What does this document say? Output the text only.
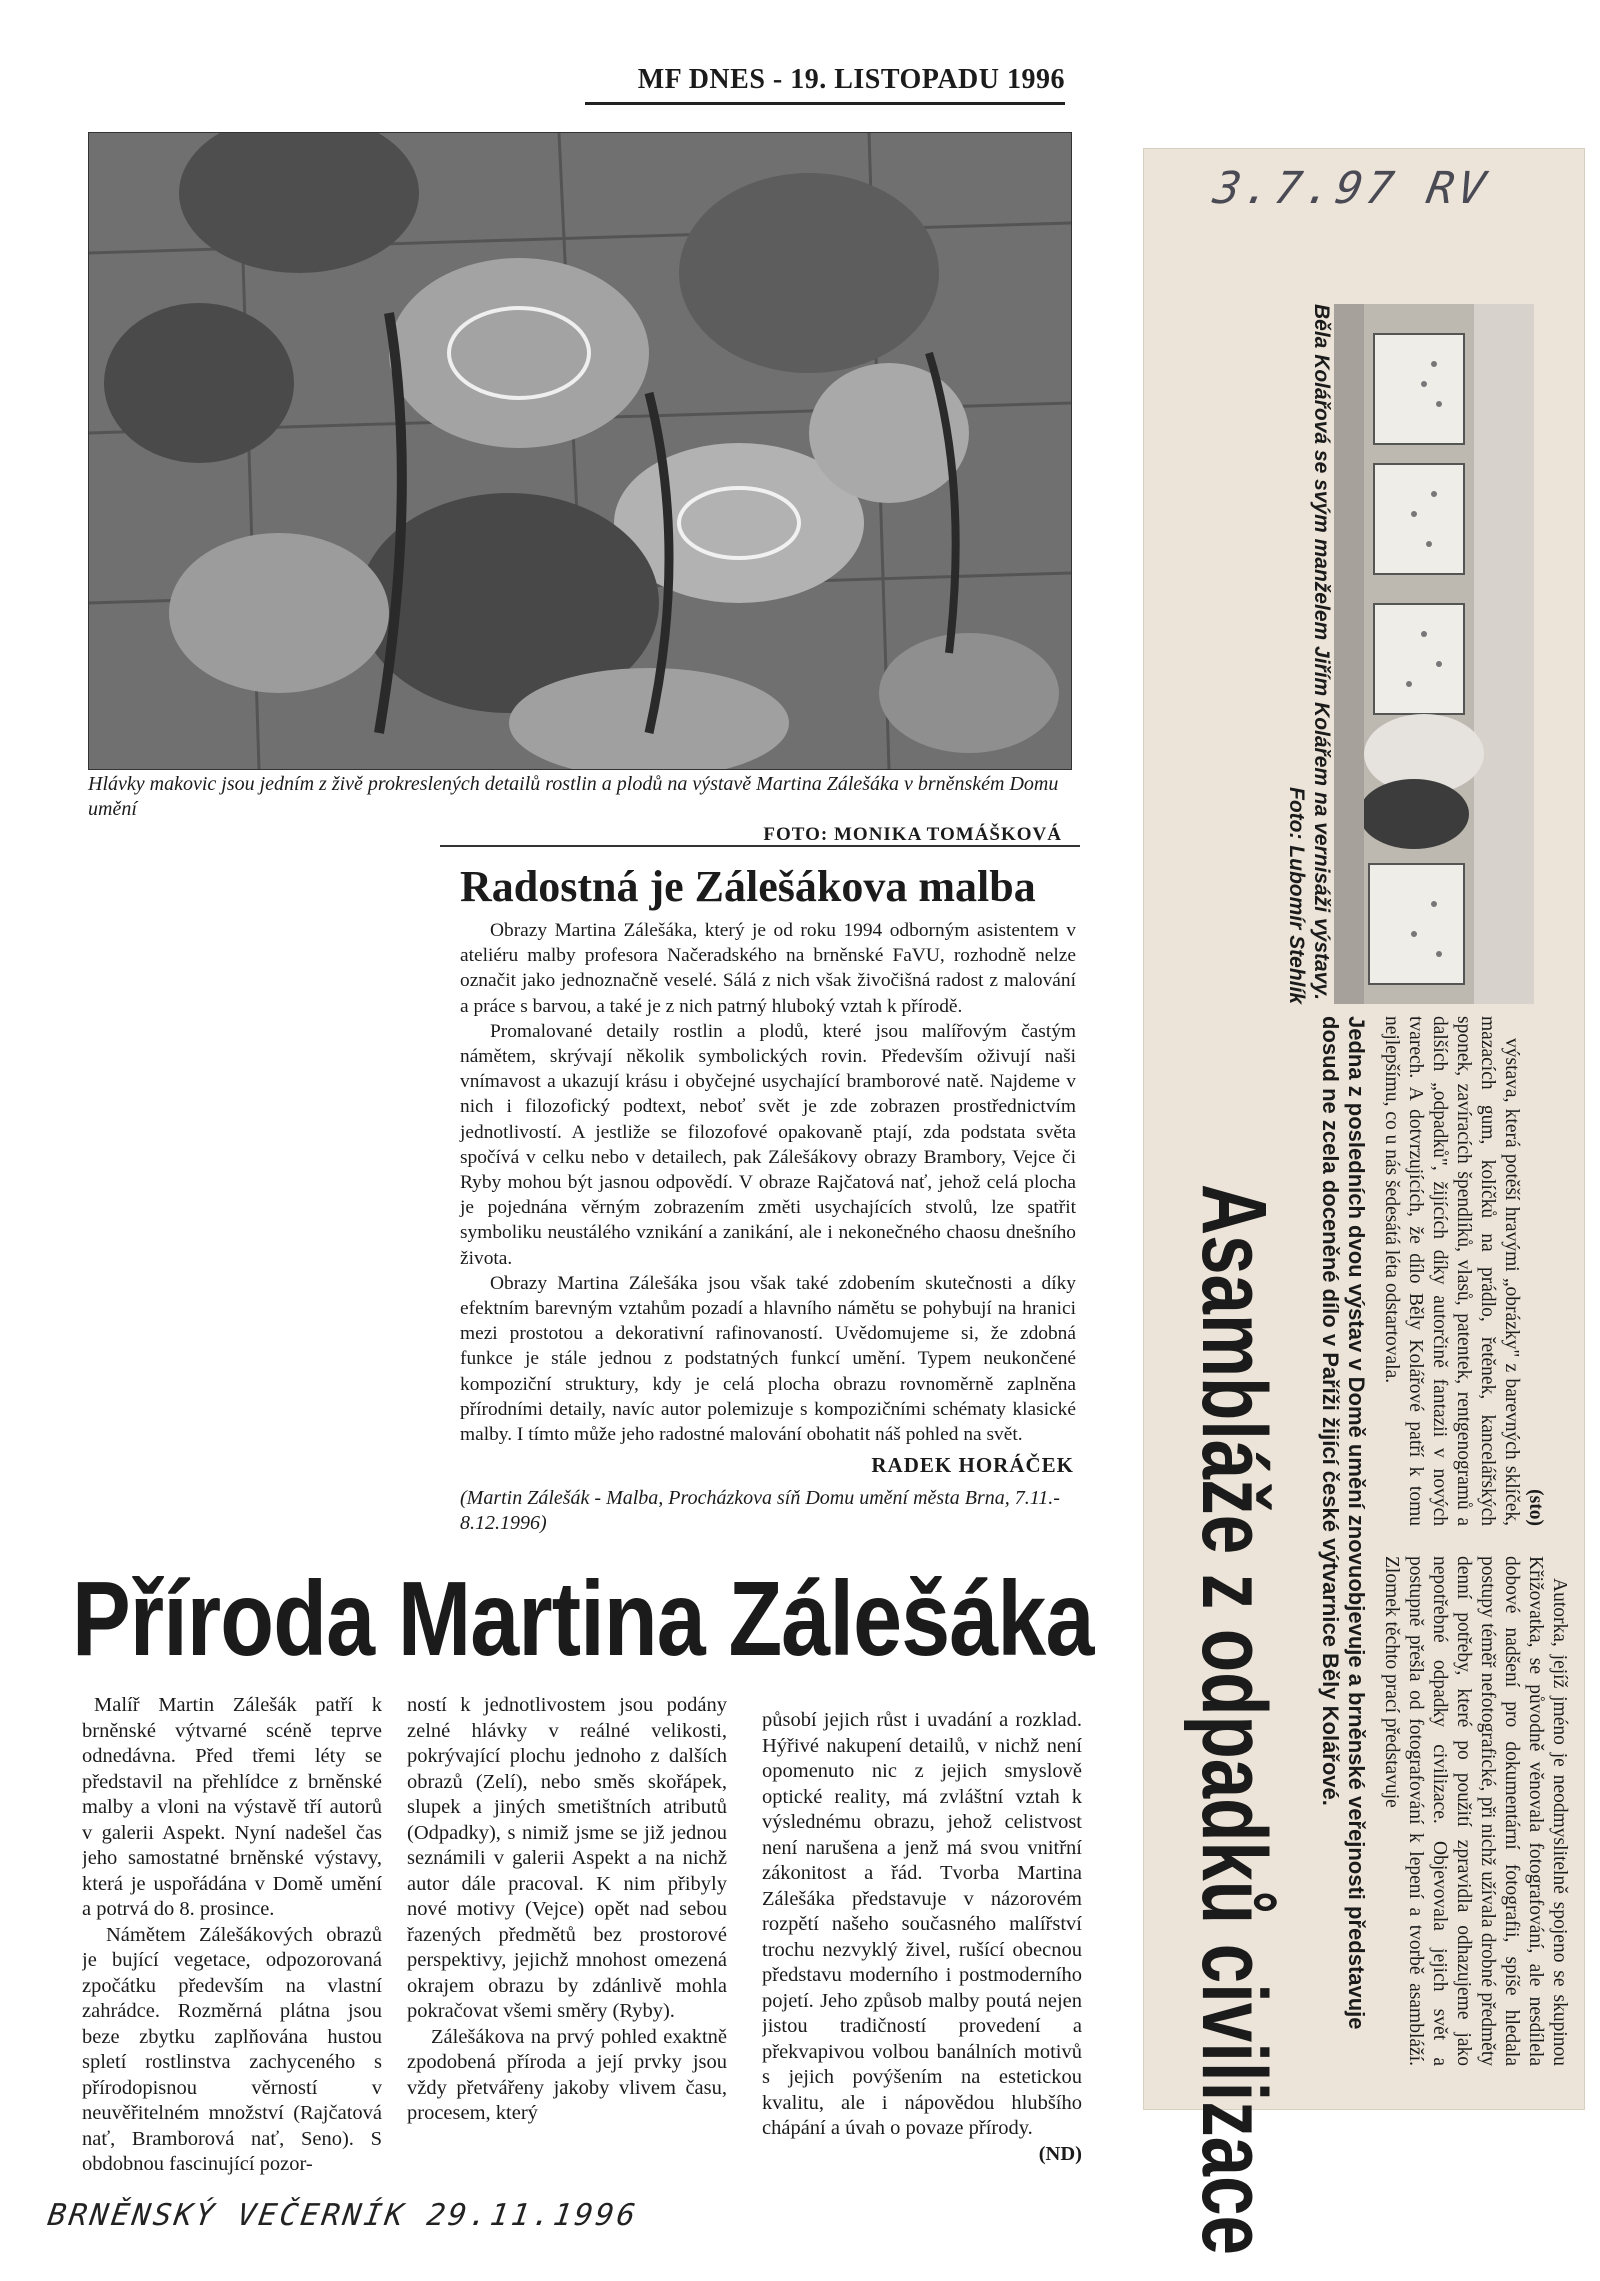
MF DNES - 19. LISTOPADU 1996
Hlávky makovic jsou jedním z živě prokreslených detailů rostlin a plodů na výstavě Martina Zálešáka v brněnském Domu umění
FOTO: MONIKA TOMÁŠKOVÁ
Radostná je Zálešákova malba

Obrazy Martina Zálešáka, který je od roku 1994 odborným asistentem v ateliéru malby profesora Načeradského na brněnské FaVU, rozhodně nelze označit jako jednoznačně veselé. Sálá z nich však živočišná radost z malování a práce s barvou, a také je z nich patrný hluboký vztah k přírodě.

Promalované detaily rostlin a plodů, které jsou malířovým častým námětem, skrývají několik symbolických rovin. Především oživují naši vnímavost a ukazují krásu i obyčejné usychající bramborové natě. Najdeme v nich i filozofický podtext, neboť svět je zde zobrazen prostřednictvím jednotlivostí. A jestliže se filozofové opakovaně ptají, zda podstata světa spočívá v celku nebo v detailech, pak Zálešákovy obrazy Brambory, Vejce či Ryby mohou být jasnou odpovědí. V obraze Rajčatová nať, jehož celá plocha je pojednána věrným zobrazením změti usychajících stvolů, lze spatřit symboliku neustálého vznikání a zanikání, ale i nekonečného chaosu dnešního života.

Obrazy Martina Zálešáka jsou však také zdobením skutečnosti a díky efektním barevným vztahům pozadí a hlavního námětu se pohybují na hranici mezi prostotou a dekorativní rafinovaností. Uvědomujeme si, že zdobná funkce je stále jednou z podstatných funkcí umění. Typem neukončené kompoziční struktury, kdy je celá plocha obrazu rovnoměrně zaplněna přírodními detaily, navíc autor polemizuje s kompozičními schématy klasické malby. I tímto může jeho radostné malování obohatit náš pohled na svět.

RADEK HORÁČEK
(Martin Zálešák - Malba, Procházkova síň Domu umění města Brna, 7.11.- 8.12.1996)
Příroda Martina Zálešáka

Malíř Martin Zálešák patří k brněnské výtvarné scéně teprve odnedávna. Před třemi léty se představil na přehlídce z brněnské malby a vloni na výstavě tří autorů v galerii Aspekt. Nyní nadešel čas jeho samostatné brněnské výstavy, která je uspořádána v Domě umění a potrvá do 8. prosince.

Námětem Zálešákových obrazů je bující vegetace, odpozorovaná zpočátku především na vlastní zahrádce. Rozměrná plátna jsou beze zbytku zaplňována hustou spletí rostlinstva zachyceného s přírodopisnou věrností v neuvěřitelném množství (Rajčatová nať, Bramborová nať, Seno). S obdobnou fascinující pozor-

ností k jednotlivostem jsou podány zelné hlávky v reálné velikosti, pokrývající plochu jednoho z dalších obrazů (Zelí), nebo směs skořápek, slupek a jiných smetištních atributů (Odpadky), s nimiž jsme se již jednou seznámili v galerii Aspekt a na nichž autor dále pracoval. K nim přibyly nové motivy (Vejce) opět nad sebou řazených předmětů bez prostorové perspektivy, jejichž mnohost omezená okrajem obrazu by zdánlivě mohla pokračovat všemi směry (Ryby).

Zálešákova na prvý pohled exaktně zpodobená příroda a její prvky jsou vždy přetvářeny jakoby vlivem času, procesem, který

působí jejich růst i uvadání a rozklad. Hýřivé nakupení detailů, v nichž není opomenuto nic z jejich smyslově optické reality, má zvláštní vztah k výslednému obrazu, jehož celistvost není narušena a jenž má svou vnitřní zákonitost a řád. Tvorba Martina Zálešáka představuje v názorovém rozpětí našeho současného malířství trochu nezvyklý živel, rušící obecnou představu moderního i postmoderního pojetí. Jeho způsob malby poutá nejen jistou tradičností provedení a překvapivou volbou banálních motivů s jejich povýšením na estetickou kvalitu, ale i nápovědou hlubšího chápání a úvah o povaze přírody.

(ND)
BRNĚNSKÝ VEČERNÍK 29.11.1996
3.7.97 RV
Běla Kolářová se svým manželem Jiřím Kolářem na vernisáži výstavy.
Foto: Lubomír Stehlík
Asambláže z odpadků civilizace	Jedna z posledních dvou výstav v Domě umění znovuobjevuje a brněnské veřejnosti představuje dosud ne zcela doceněné dílo v Paříži žijící české výtvarnice Běly Kolářové.

Autorka, jejíž jméno je neodmyslitelně spojeno se skupinou Křižovatka, se původně věnovala fotografování, ale nesdílela dobové nadšení pro dokumentární fotografii, spíše hledala postupy téměř nefotografické, při nichž užívala drobné předměty denní potřeby, které po použití zpravidla odhazujeme jako nepotřebné odpadky civilizace. Objevovala jejich svět a postupně přešla od fotografování k lepení a tvorbě asambláží. Zlomek těchto prací představuje

výstava, která potěší hravými „obrázky" z barevných sklíček, mazacích gum, kolíčků na prádlo, řetěnek, kancelářských sponek, zavíracích špendlíků, vlasů, patentek, rentgenogramů a dalších „odpadků", žijících díky autorčině fantazii v nových tvarech. A dotvrzujících, že dílo Běly Kolářové patří k tomu nejlepšímu, co u nás šedesátá léta odstartovala.

(sto)
